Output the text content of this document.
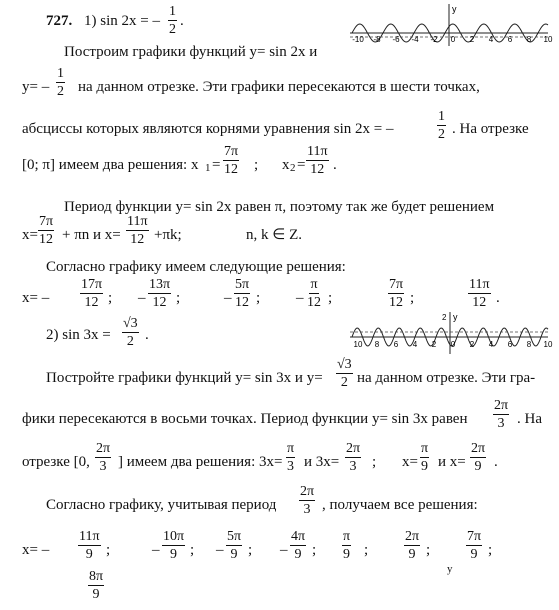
727. 1) sin 2x = – $\frac{1}{2}$ .
y
-10 -8 -6 -4 -2 0 2 4 6 8 10
Построим графики функций y= sin 2x и
$y= - \frac{1}{2}$ на данном отрезке. Эти графики пересекаются в шести точках,
абсциссы которых являются корнями уравнения sin 2x = –	$\frac{1}{2}$ . На отрезке
[0; π] имеем два решения: x $1 = \frac{7\pi}{12}$ ; x $2 = \frac{11\pi}{12}$ .
Период функции y= sin 2x равен π, поэтому так же будет решением
$x= \frac{7\pi}{12} + \pi n$ и $x= \frac{11\pi}{12} +\pi k$;	n, k ∈ Z.
Согласно графику имеем следующие решения:
$x= - \frac{17\pi}{12}$ ; – $\frac{13\pi}{12}$ ;	– $\frac{5\pi}{12}$ ; – $\frac{\pi}{12}$ ;	$\frac{7\pi}{12}$ ;	$\frac{11\pi}{12}$ .
2) $\sin 3x = \frac{√3}{2}$ .
2 y
10 8 6 4 2 0 2 4 6 8 10
Постройте графики функций y= sin 3x и $y= \frac{√3}{2}$ на данном отрезке. Эти гра-
фики пересекаются в восьми точках. Период функции y= sin 3x равен $\frac{2\pi}{3}$ . На
отрезке [0, $\frac{2\pi}{3}$ ] имеем два решения: $3x= \frac{\pi}{3}$ и $3x= \frac{2\pi}{3}$ ; $x= \frac{\pi}{9}$ и $x= \frac{2\pi}{9}$ .
Согласно графику, учитывая период $\frac{2\pi}{3}$ , получаем все решения:
$x= - \frac{11\pi}{9}$ ;	– $\frac{10\pi}{9}$ ; – $\frac{5\pi}{9}$ ; – $\frac{4\pi}{9}$ ; $\frac{\pi}{9}$ ;	$\frac{2\pi}{9}$ ;	$\frac{7\pi}{9}$ ;
$\frac{8\pi}{9}$
y
